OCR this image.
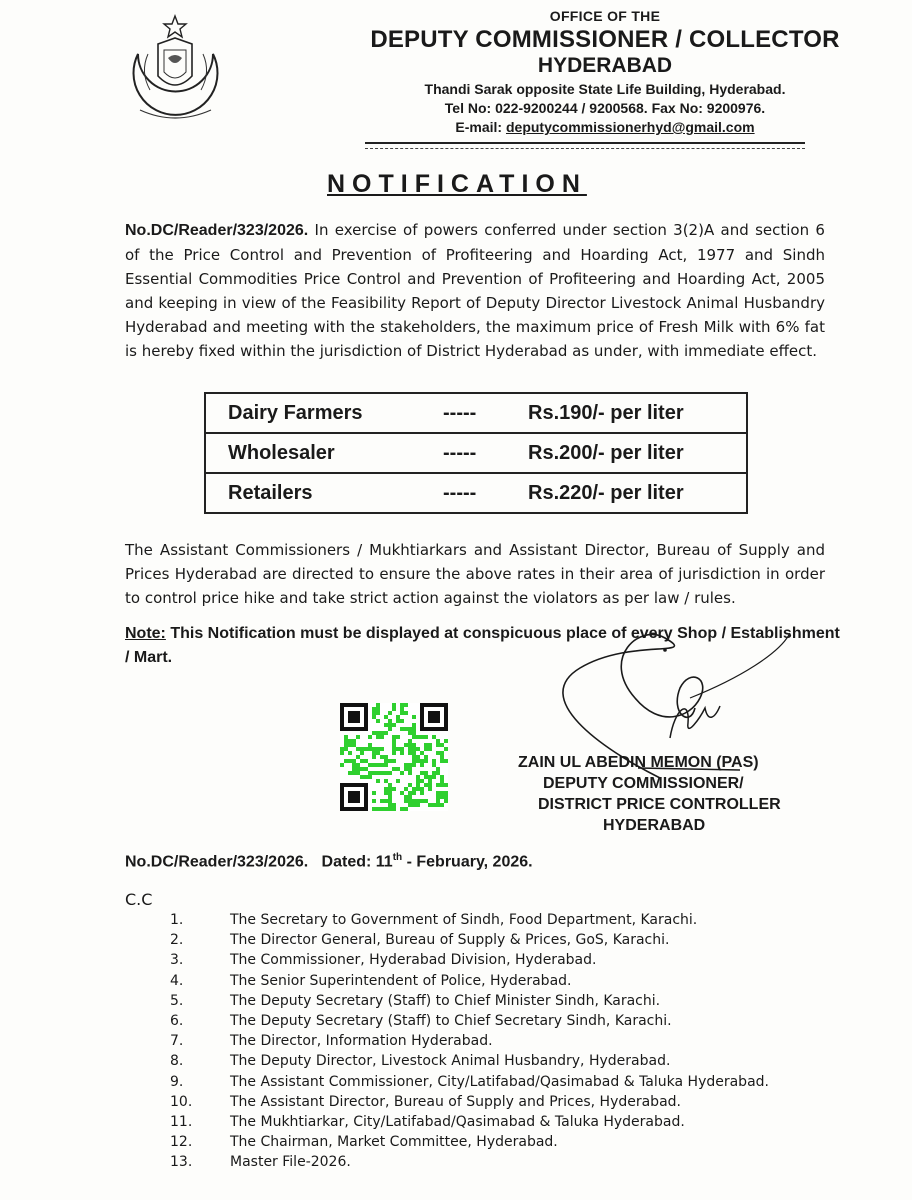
OFFICE OF THE
DEPUTY COMMISSIONER / COLLECTOR
HYDERABAD
Thandi Sarak opposite State Life Building, Hyderabad.
Tel No: 022-9200244 / 9200568. Fax No: 9200976.
E-mail: deputycommissionerhyd@gmail.com
NOTIFICATION
No.DC/Reader/323/2026. In exercise of powers conferred under section 3(2)A and section 6 of the Price Control and Prevention of Profiteering and Hoarding Act, 1977 and Sindh Essential Commodities Price Control and Prevention of Profiteering and Hoarding Act, 2005 and keeping in view of the Feasibility Report of Deputy Director Livestock Animal Husbandry Hyderabad and meeting with the stakeholders, the maximum price of Fresh Milk with 6% fat is hereby fixed within the jurisdiction of District Hyderabad as under, with immediate effect.
Dairy Farmers	-----	Rs.190/- per liter
Wholesaler	-----	Rs.200/- per liter
Retailers	-----	Rs.220/- per liter
The Assistant Commissioners / Mukhtiarkars and Assistant Director, Bureau of Supply and Prices Hyderabad are directed to ensure the above rates in their area of jurisdiction in order to control price hike and take strict action against the violators as per law / rules.
Note: This Notification must be displayed at conspicuous place of every Shop / Establishment / Mart.
ZAIN UL ABEDIN MEMON (PAS)
DEPUTY COMMISSIONER/
DISTRICT PRICE CONTROLLER
HYDERABAD
No.DC/Reader/323/2026. Dated: 11th - February, 2026.
C.C
1.	The Secretary to Government of Sindh, Food Department, Karachi.
2.	The Director General, Bureau of Supply & Prices, GoS, Karachi.
3.	The Commissioner, Hyderabad Division, Hyderabad.
4.	The Senior Superintendent of Police, Hyderabad.
5.	The Deputy Secretary (Staff) to Chief Minister Sindh, Karachi.
6.	The Deputy Secretary (Staff) to Chief Secretary Sindh, Karachi.
7.	The Director, Information Hyderabad.
8.	The Deputy Director, Livestock Animal Husbandry, Hyderabad.
9.	The Assistant Commissioner, City/Latifabad/Qasimabad & Taluka Hyderabad.
10.	The Assistant Director, Bureau of Supply and Prices, Hyderabad.
11.	The Mukhtiarkar, City/Latifabad/Qasimabad & Taluka Hyderabad.
12.	The Chairman, Market Committee, Hyderabad.
13.	Master File-2026.
